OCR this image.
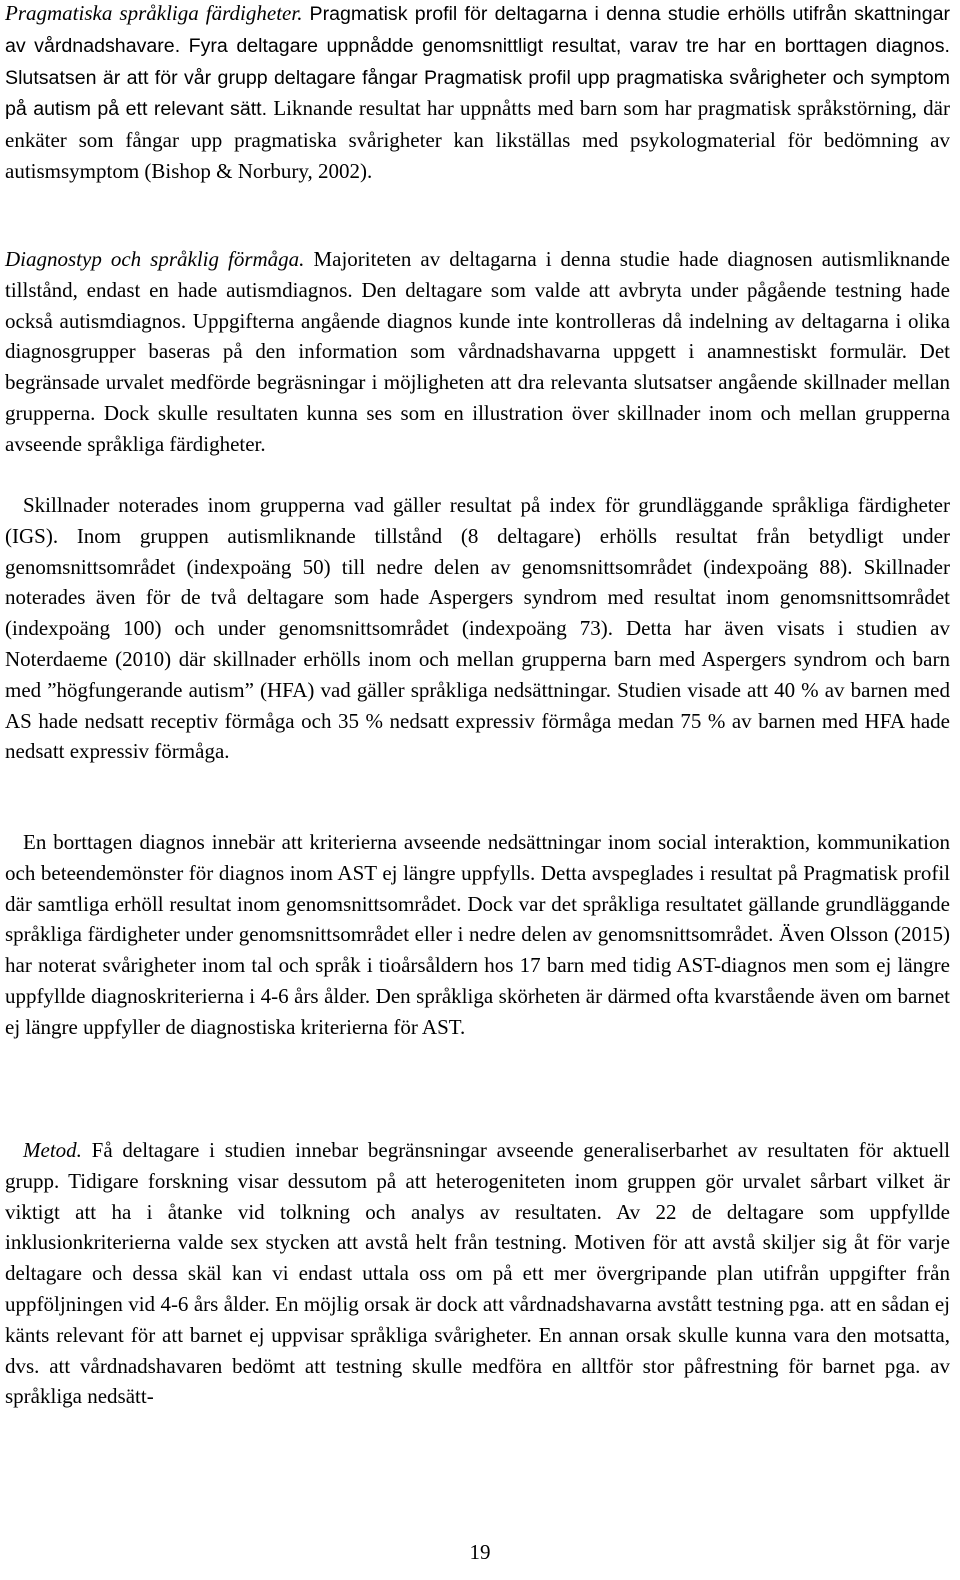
Pragmatiska språkliga färdigheter. Pragmatisk profil för deltagarna i denna studie erhölls utifrån skattningar av vårdnadshavare. Fyra deltagare uppnådde genomsnittligt resultat, varav tre har en borttagen diagnos. Slutsatsen är att för vår grupp deltagare fångar Pragmatisk profil upp pragmatiska svårigheter och symptom på autism på ett relevant sätt. Liknande resultat har uppnåtts med barn som har pragmatisk språkstörning, där enkäter som fångar upp pragmatiska svårigheter kan likställas med psykologmaterial för bedömning av autismsymptom (Bishop & Norbury, 2002).

Diagnostyp och språklig förmåga. Majoriteten av deltagarna i denna studie hade diagnosen autismliknande tillstånd, endast en hade autismdiagnos. Den deltagare som valde att avbryta under pågående testning hade också autismdiagnos. Uppgifterna angående diagnos kunde inte kontrolleras då indelning av deltagarna i olika diagnosgrupper baseras på den information som vårdnadshavarna uppgett i anamnestiskt formulär. Det begränsade urvalet medförde begräsningar i möjligheten att dra relevanta slutsatser angående skillnader mellan grupperna. Dock skulle resultaten kunna ses som en illustration över skillnader inom och mellan grupperna avseende språkliga färdigheter.

Skillnader noterades inom grupperna vad gäller resultat på index för grundläggande språkliga färdigheter (IGS). Inom gruppen autismliknande tillstånd (8 deltagare) erhölls resultat från betydligt under genomsnittsområdet (indexpoäng 50) till nedre delen av genomsnittsområdet (indexpoäng 88). Skillnader noterades även för de två deltagare som hade Aspergers syndrom med resultat inom genomsnittsområdet (indexpoäng 100) och under genomsnittsområdet (indexpoäng 73). Detta har även visats i studien av Noterdaeme (2010) där skillnader erhölls inom och mellan grupperna barn med Aspergers syndrom och barn med ”högfungerande autism” (HFA) vad gäller språkliga nedsättningar. Studien visade att 40 % av barnen med AS hade nedsatt receptiv förmåga och 35 % nedsatt expressiv förmåga medan 75 % av barnen med HFA hade nedsatt expressiv förmåga.

En borttagen diagnos innebär att kriterierna avseende nedsättningar inom social interaktion, kommunikation och beteendemönster för diagnos inom AST ej längre uppfylls. Detta avspeglades i resultat på Pragmatisk profil där samtliga erhöll resultat inom genomsnittsområdet. Dock var det språkliga resultatet gällande grundläggande språkliga färdigheter under genomsnittsområdet eller i nedre delen av genomsnittsområdet. Även Olsson (2015) har noterat svårigheter inom tal och språk i tioårsåldern hos 17 barn med tidig AST-diagnos men som ej längre uppfyllde diagnoskriterierna i 4-6 års ålder. Den språkliga skörheten är därmed ofta kvarstående även om barnet ej längre uppfyller de diagnostiska kriterierna för AST.

Metod. Få deltagare i studien innebar begränsningar avseende generaliserbarhet av resultaten för aktuell grupp. Tidigare forskning visar dessutom på att heterogeniteten inom gruppen gör urvalet sårbart vilket är viktigt att ha i åtanke vid tolkning och analys av resultaten. Av 22 de deltagare som uppfyllde inklusionkriterierna valde sex stycken att avstå helt från testning. Motiven för att avstå skiljer sig åt för varje deltagare och dessa skäl kan vi endast uttala oss om på ett mer övergripande plan utifrån uppgifter från uppföljningen vid 4-6 års ålder. En möjlig orsak är dock att vårdnadshavarna avstått testning pga. att en sådan ej känts relevant för att barnet ej uppvisar språkliga svårigheter. En annan orsak skulle kunna vara den motsatta, dvs. att vårdnadshavaren bedömt att testning skulle medföra en alltför stor påfrestning för barnet pga. av språkliga nedsätt-

19
